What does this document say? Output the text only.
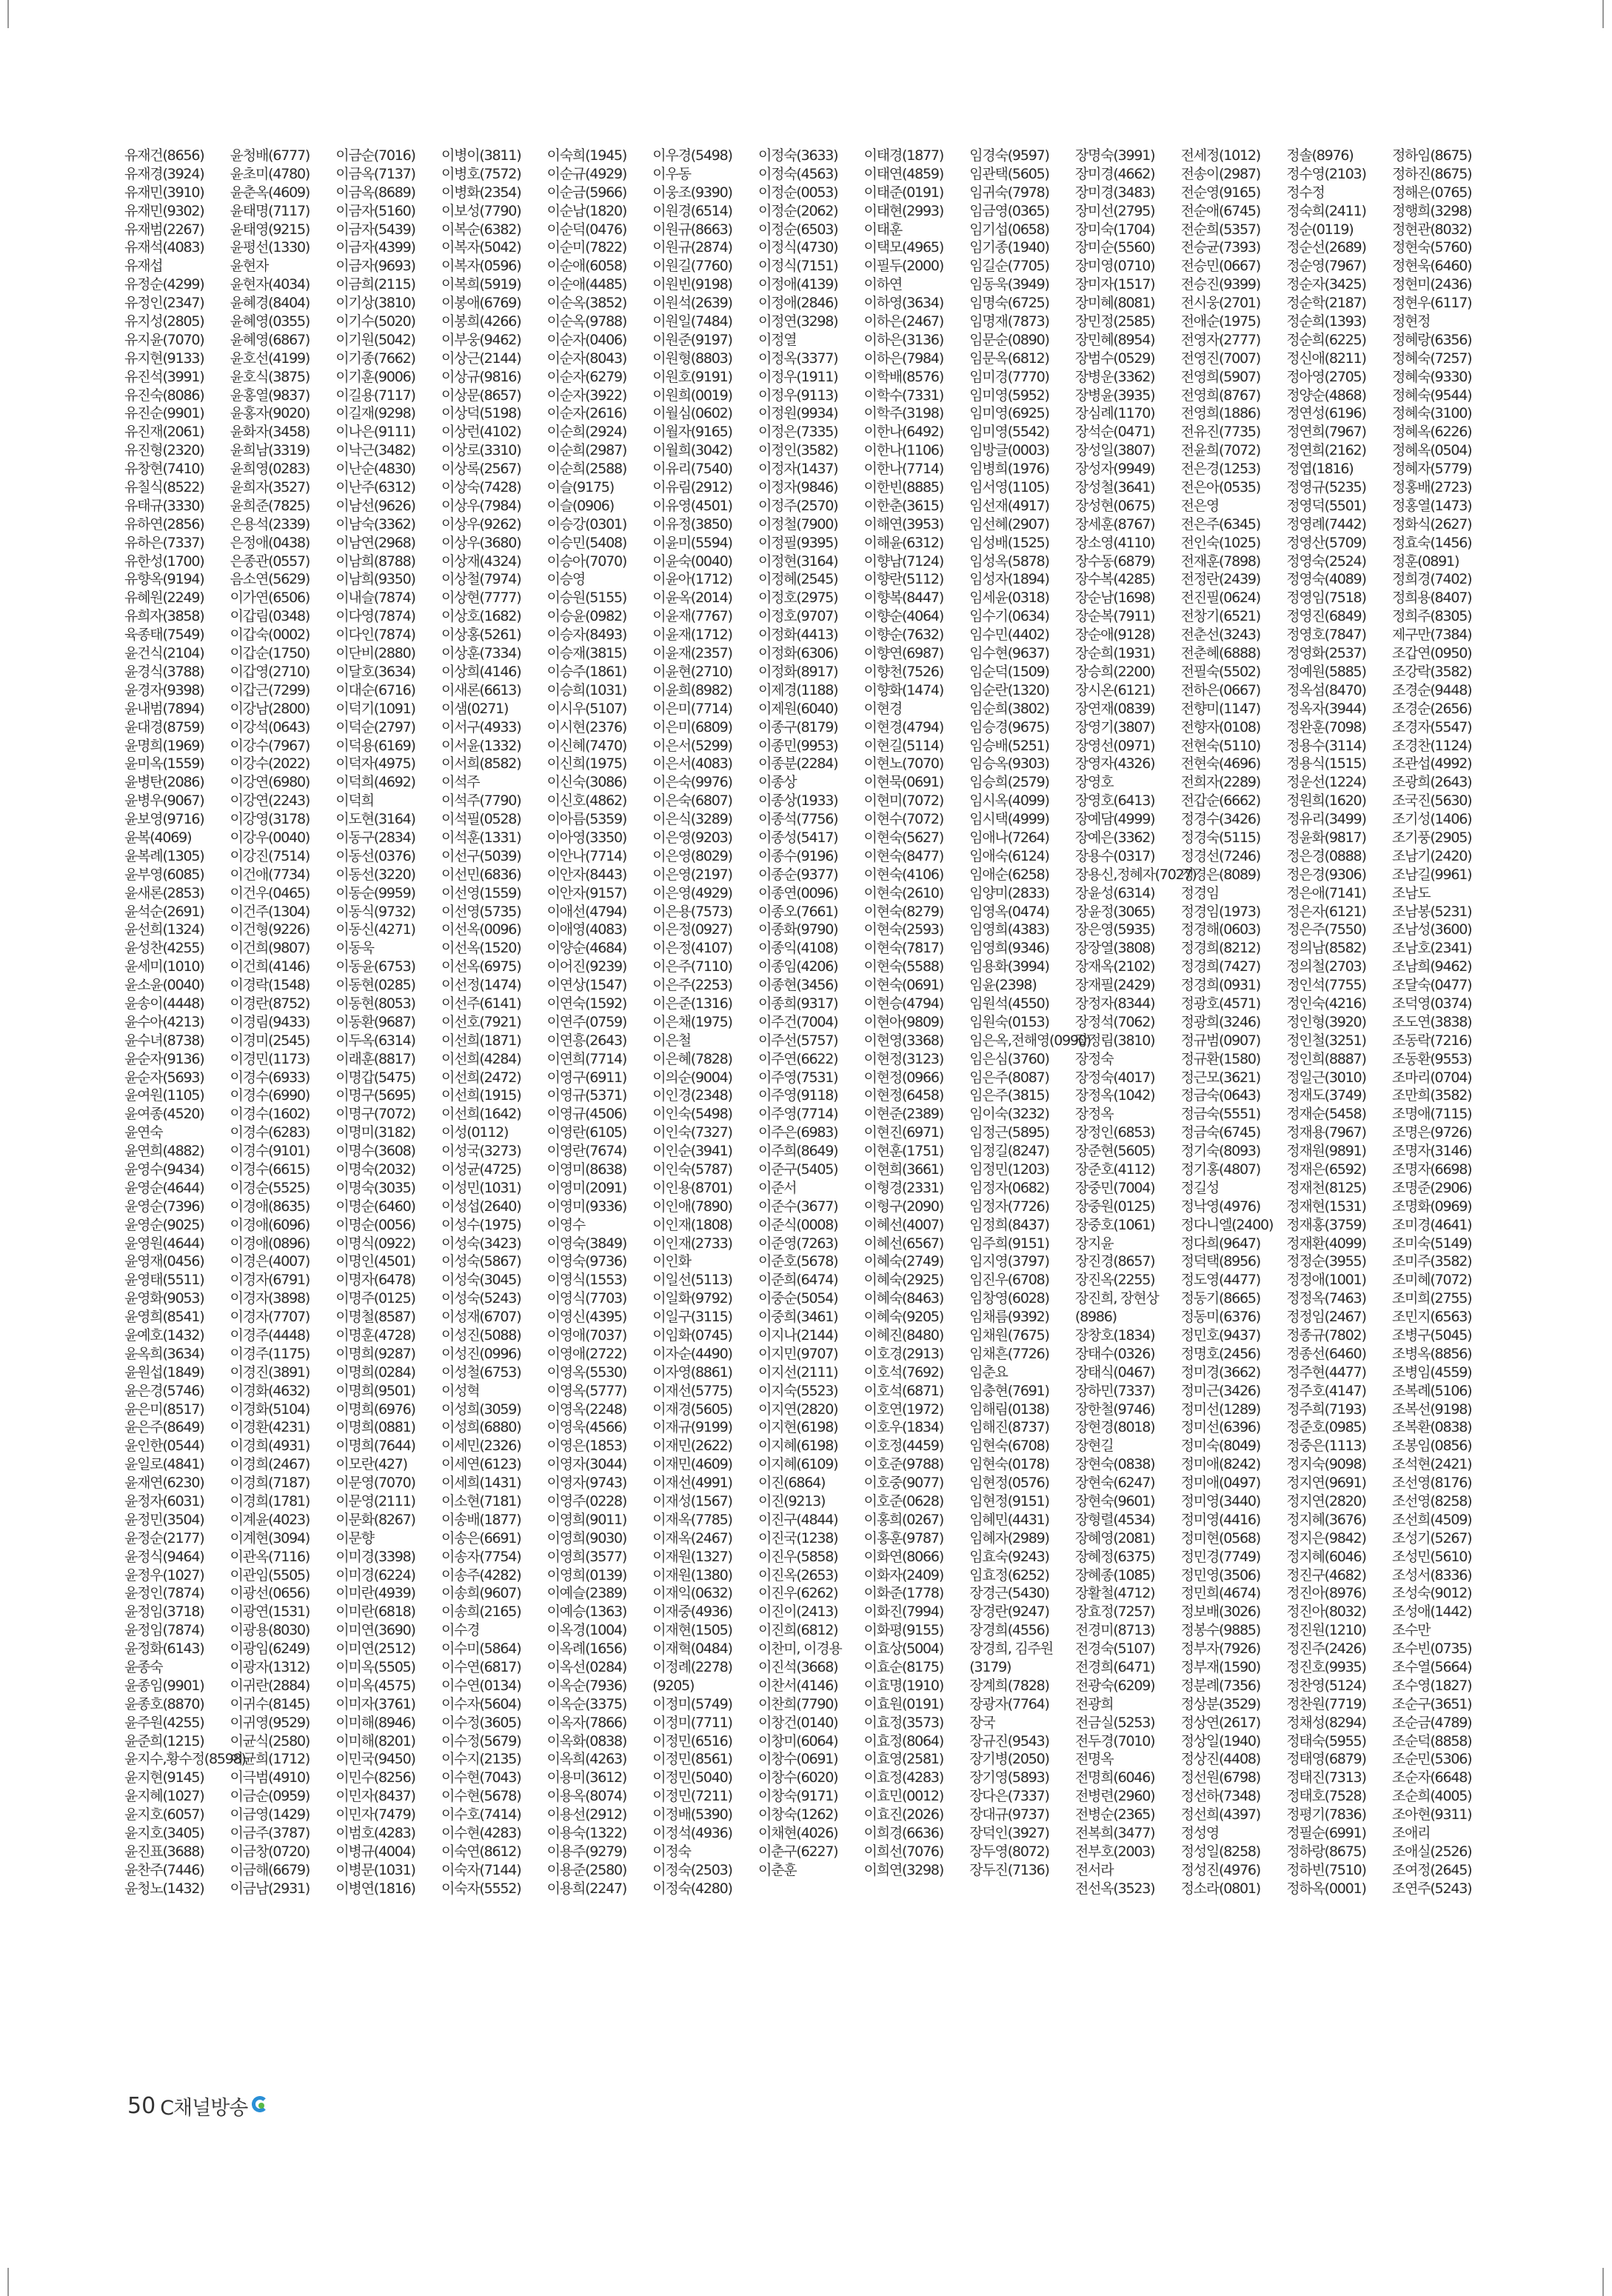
유재건(8656)
유재경(3924)
유재민(3910)
유재민(9302)
유재범(2267)
유재석(4083)
유재섭
유정순(4299)
유정인(2347)
유지성(2805)
유지윤(7070)
유지현(9133)
유진석(3991)
유진숙(8086)
유진순(9901)
유진재(2061)
유진형(2320)
유창현(7410)
유칠식(8522)
유태규(3330)
유하연(2856)
유하은(7337)
유한성(1700)
유향옥(9194)
유혜원(2249)
유희자(3858)
육종태(7549)
윤건식(2104)
윤경식(3788)
윤경자(9398)
윤내범(7894)
윤대경(8759)
윤명희(1969)
윤미옥(1559)
윤병탄(2086)
윤병우(9067)
윤보영(9716)
윤복(4069)
윤복례(1305)
윤부영(6085)
윤새론(2853)
윤석순(2691)
윤선희(1324)
윤성찬(4255)
윤세미(1010)
윤소윤(0040)
윤송이(4448)
윤수아(4213)
윤수녀(8738)
윤순자(9136)
윤순자(5693)
윤여원(1105)
윤여종(4520)
윤연숙
윤연희(4882)
윤영수(9434)
윤영순(4644)
윤영순(7396)
윤영순(9025)
윤영원(4644)
윤영재(0456)
윤영태(5511)
윤영화(9053)
윤영희(8541)
윤예호(1432)
윤옥희(3634)
윤원섭(1849)
윤은경(5746)
윤은미(8517)
윤은주(8649)
윤인한(0544)
윤일로(4841)
윤재연(6230)
윤정자(6031)
윤정민(3504)
윤정순(2177)
윤정식(9464)
윤정우(1027)
윤정인(7874)
윤정임(3718)
윤정임(7874)
윤정화(6143)
윤종숙
윤종임(9901)
윤종호(8870)
윤주원(4255)
윤준희(1215)
윤지수,황수정(8598)
윤지현(9145)
윤지혜(1027)
윤지호(6057)
윤지호(3405)
윤진표(3688)
윤찬주(7446)
윤청노(1432)
윤청배(6777)
윤초미(4780)
윤춘옥(4609)
윤태명(7117)
윤태영(9215)
윤평선(1330)
윤현자
윤현자(4034)
윤혜경(8404)
윤혜영(0355)
윤혜영(6867)
윤호선(4199)
윤호식(3875)
윤홍열(9837)
윤홍자(9020)
윤화자(3458)
윤희남(3319)
윤희영(0283)
윤희자(3527)
윤희준(7825)
은용석(2339)
은정애(0438)
은종관(0557)
음소연(5629)
이가연(6506)
이갑림(0348)
이갑숙(0002)
이갑순(1750)
이갑영(2710)
이갑근(7299)
이강남(2800)
이강석(0643)
이강수(7967)
이강수(2022)
이강연(6980)
이강연(2243)
이강영(3178)
이강우(0040)
이강진(7514)
이건애(7734)
이건우(0465)
이건주(1304)
이건형(9226)
이건희(9807)
이건희(4146)
이경락(1548)
이경란(8752)
이경림(9433)
이경미(2545)
이경민(1173)
이경수(6933)
이경수(6990)
이경수(1602)
이경수(6283)
이경수(9101)
이경수(6615)
이경순(5525)
이경애(8635)
이경애(6096)
이경애(0896)
이경은(4007)
이경자(6791)
이경자(3898)
이경자(7707)
이경주(4448)
이경주(1175)
이경진(3891)
이경화(4632)
이경화(5104)
이경환(4231)
이경희(4931)
이경희(2467)
이경희(7187)
이경희(1781)
이계윤(4023)
이계현(3094)
이관옥(7116)
이관임(5505)
이광선(0656)
이광연(1531)
이광용(8030)
이광임(6249)
이광자(1312)
이귀란(2884)
이귀수(8145)
이귀영(9529)
이균식(2580)
이균희(1712)
이극범(4910)
이금순(0959)
이금영(1429)
이금주(3787)
이금창(0720)
이금해(6679)
이금남(2931)
이금순(7016)
이금옥(7137)
이금옥(8689)
이금자(5160)
이금자(5439)
이금자(4399)
이금자(9693)
이금희(2115)
이기상(3810)
이기수(5020)
이기원(5042)
이기종(7662)
이기훈(9006)
이길용(7117)
이길재(9298)
이나은(9111)
이낙근(3482)
이난순(4830)
이난주(6312)
이남선(9626)
이남숙(3362)
이남연(2968)
이남희(8788)
이남희(9350)
이내슬(7874)
이다영(7874)
이다인(7874)
이단비(2880)
이달호(3634)
이대순(6716)
이덕기(1091)
이덕순(2797)
이덕용(6169)
이덕자(4975)
이덕희(4692)
이덕희
이도현(3164)
이동구(2834)
이동선(0376)
이동선(3220)
이동순(9959)
이동식(9732)
이동신(4271)
이동욱
이동윤(6753)
이동현(0285)
이동현(8053)
이동환(9687)
이두옥(6314)
이래훈(8817)
이명갑(5475)
이명구(5695)
이명구(7072)
이명미(3182)
이명수(3608)
이명숙(2032)
이명숙(3035)
이명순(6460)
이명순(0056)
이명식(0922)
이명인(4501)
이명자(6478)
이명주(0125)
이명철(8587)
이명훈(4728)
이명희(9287)
이명희(0284)
이명희(9501)
이명희(6976)
이명희(0881)
이명희(7644)
이모란(427)
이문영(7070)
이문영(2111)
이문화(8267)
이문향
이미경(3398)
이미경(6224)
이미란(4939)
이미란(6818)
이미연(3690)
이미연(2512)
이미옥(5505)
이미옥(4575)
이미자(3761)
이미해(8946)
이미해(8201)
이민국(9450)
이민수(8256)
이민자(8437)
이민자(7479)
이범호(4283)
이병규(4004)
이병문(1031)
이병연(1816)
이병이(3811)
이병호(7572)
이병화(2354)
이보성(7790)
이복순(6382)
이복자(5042)
이복자(0596)
이복희(5919)
이봉애(6769)
이봉희(4266)
이부웅(9462)
이상근(2144)
이상규(9816)
이상문(8657)
이상덕(5198)
이상런(4102)
이상로(3310)
이상록(2567)
이상숙(7428)
이상우(7984)
이상우(9262)
이상우(3680)
이상재(4324)
이상철(7974)
이상현(7777)
이상호(1682)
이상홍(5261)
이상훈(7334)
이상희(4146)
이새론(6613)
이샘(0271)
이서구(4933)
이서윤(1332)
이서희(8582)
이석주
이석주(7790)
이석필(0528)
이석훈(1331)
이선구(5039)
이선민(6836)
이선영(1559)
이선영(5735)
이선옥(0096)
이선옥(1520)
이선옥(6975)
이선정(1474)
이선주(6141)
이선호(7921)
이선희(1871)
이선희(4284)
이선희(2472)
이선희(1915)
이선희(1642)
이성(0112)
이성국(3273)
이성균(4725)
이성민(1031)
이성섭(2640)
이성수(1975)
이성숙(3423)
이성숙(5867)
이성숙(3045)
이성숙(5243)
이성재(6707)
이성진(5088)
이성진(0996)
이성철(6753)
이성혁
이성희(3059)
이성희(6880)
이세민(2326)
이세연(6123)
이세희(1431)
이소현(7181)
이송배(1877)
이송은(6691)
이송자(7754)
이송주(4282)
이송희(9607)
이송희(2165)
이수경
이수미(5864)
이수연(6817)
이수연(0134)
이수자(5604)
이수정(3605)
이수정(5679)
이수지(2135)
이수현(7043)
이수현(5678)
이수호(7414)
이수현(4283)
이숙연(8612)
이숙자(7144)
이숙자(5552)
이숙희(1945)
이순규(4929)
이순금(5966)
이순남(1820)
이순덕(0476)
이순미(7822)
이순애(6058)
이순애(4485)
이순옥(3852)
이순옥(9788)
이순자(0406)
이순자(8043)
이순자(6279)
이순자(3922)
이순자(2616)
이순희(2924)
이순희(2987)
이순희(2588)
이슬(9175)
이슬(0906)
이승강(0301)
이승민(5408)
이승아(7070)
이승영
이승원(5155)
이승윤(0982)
이승자(8493)
이승재(3815)
이승주(1861)
이승희(1031)
이시우(5107)
이시현(2376)
이신혜(7470)
이신희(1975)
이신숙(3086)
이신호(4862)
이아름(5359)
이아영(3350)
이안나(7714)
이안자(8443)
이안자(9157)
이애선(4794)
이애영(4083)
이양순(4684)
이어진(9239)
이연상(1547)
이연숙(1592)
이연주(0759)
이연흥(2643)
이연희(7714)
이영구(6911)
이영규(5371)
이영규(4506)
이영란(6105)
이영란(7674)
이영미(8638)
이영미(2091)
이영미(9336)
이영수
이영숙(3849)
이영숙(9736)
이영식(1553)
이영식(7703)
이영신(4395)
이영애(7037)
이영애(2722)
이영옥(5530)
이영옥(5777)
이영옥(2248)
이영욱(4566)
이영은(1853)
이영자(3044)
이영자(9743)
이영주(0228)
이영희(9011)
이영희(9030)
이영희(3577)
이영희(0139)
이예슬(2389)
이예승(1363)
이옥경(1004)
이옥례(1656)
이옥선(0284)
이옥순(7936)
이옥순(3375)
이옥자(7866)
이옥화(0838)
이옥희(4263)
이용미(3612)
이용옥(8074)
이용선(2912)
이용숙(1322)
이용주(9279)
이용준(2580)
이용희(2247)
이우경(5498)
이우동
이웅조(9390)
이원경(6514)
이원규(8663)
이원규(2874)
이원길(7760)
이원빈(9198)
이원석(2639)
이원일(7484)
이원준(9197)
이원형(8803)
이원호(9191)
이원희(0019)
이월심(0602)
이월자(9165)
이월희(3042)
이유리(7540)
이유림(2912)
이유영(4501)
이유정(3850)
이윤미(5594)
이윤숙(0040)
이윤아(1712)
이윤옥(2014)
이윤재(7767)
이윤재(1712)
이윤재(2357)
이윤현(2710)
이윤희(8982)
이은미(7714)
이은미(6809)
이은서(5299)
이은서(4083)
이은숙(9976)
이은숙(6807)
이은식(3289)
이은영(9203)
이은영(8029)
이은영(2197)
이은영(4929)
이은용(7573)
이은정(0927)
이은정(4107)
이은주(7110)
이은주(2253)
이은준(1316)
이은채(1975)
이은철
이은혜(7828)
이의순(9004)
이인경(2348)
이인숙(5498)
이인숙(7327)
이인순(3941)
이인숙(5787)
이인용(8701)
이인애(7890)
이인재(1808)
이인재(2733)
이인화
이일선(5113)
이일화(9792)
이일구(3115)
이임화(0745)
이자순(4490)
이자영(8861)
이재선(5775)
이재경(5605)
이재규(9199)
이재민(2622)
이재민(4609)
이재선(4991)
이재성(1567)
이재옥(7785)
이재옥(2467)
이재원(1327)
이재원(1380)
이재익(0632)
이재중(4936)
이재현(1505)
이재혁(0484)
이정례(2278)
(9205)
이정미(5749)
이정미(7711)
이정민(6516)
이정민(8561)
이정민(5040)
이정민(7211)
이정배(5390)
이정석(4936)
이정숙
이정숙(2503)
이정숙(4280)
이정숙(3633)
이정숙(4563)
이정순(0053)
이정순(2062)
이정순(6503)
이정식(4730)
이정식(7151)
이정애(4139)
이정애(2846)
이정연(3298)
이정열
이정옥(3377)
이정우(1911)
이정우(9113)
이정원(9934)
이정은(7335)
이정인(3582)
이정자(1437)
이정자(9846)
이정주(2570)
이정철(7900)
이정필(9395)
이정현(3164)
이정혜(2545)
이정호(2975)
이정호(9707)
이정화(4413)
이정화(6306)
이정화(8917)
이제경(1188)
이제원(6040)
이종구(8179)
이종민(9953)
이종분(2284)
이종상
이종상(1933)
이종석(7756)
이종성(5417)
이종수(9196)
이종순(9377)
이종연(0096)
이종오(7661)
이종화(9790)
이종익(4108)
이종임(4206)
이종현(3456)
이종희(9317)
이주건(7004)
이주선(5757)
이주연(6622)
이주영(7531)
이주영(9118)
이주영(7714)
이주은(6983)
이주희(8649)
이준구(5405)
이준서
이준수(3677)
이준식(0008)
이준영(7263)
이준호(5678)
이준희(6474)
이중순(5054)
이중희(3461)
이지나(2144)
이지민(9707)
이지선(2111)
이지숙(5523)
이지연(2820)
이지현(6198)
이지혜(6198)
이지혜(6109)
이진(6864)
이진(9213)
이진구(4844)
이진국(1238)
이진우(5858)
이진옥(2653)
이진우(6262)
이진이(2413)
이진희(6812)
이찬미, 이경용
이진석(3668)
이찬서(4146)
이찬희(7790)
이창건(0140)
이창미(6064)
이창수(0691)
이창수(6020)
이창숙(9171)
이창숙(1262)
이채현(4026)
이춘구(6227)
이춘훈
이태경(1877)
이태연(4859)
이태준(0191)
이태현(2993)
이태훈
이택모(4965)
이필두(2000)
이하연
이하영(3634)
이하은(2467)
이하은(3136)
이하은(7984)
이학배(8576)
이학수(7331)
이학주(3198)
이한나(6492)
이한나(1106)
이한나(7714)
이한빈(8885)
이한춘(3615)
이해연(3953)
이해윤(6312)
이향남(7124)
이향란(5112)
이향복(8447)
이향순(4064)
이향순(7632)
이향연(6987)
이향천(7526)
이향화(1474)
이현경
이현경(4794)
이현길(5114)
이현노(7070)
이현묵(0691)
이현미(7072)
이현수(7072)
이현숙(5627)
이현숙(8477)
이현숙(4106)
이현숙(2610)
이현숙(8279)
이현숙(2593)
이현숙(7817)
이현숙(5588)
이현숙(0691)
이현승(4794)
이현아(9809)
이현영(3368)
이현정(3123)
이현정(0966)
이현정(6458)
이현준(2389)
이현진(6971)
이현훈(1751)
이현희(3661)
이형경(2331)
이형구(2090)
이혜선(4007)
이혜선(6567)
이혜숙(2749)
이혜숙(2925)
이혜숙(8463)
이혜숙(9205)
이혜진(8480)
이호경(2913)
이호석(7692)
이호석(6871)
이호연(1972)
이호우(1834)
이호정(4459)
이호준(9788)
이호중(9077)
이호준(0628)
이홍희(0267)
이홍훈(9787)
이화연(8066)
이화자(2409)
이화준(1778)
이화진(7994)
이화평(9155)
이효상(5004)
이효순(8175)
이효명(1910)
이효원(0191)
이효정(3573)
이효정(8064)
이효영(2581)
이효정(4283)
이효민(0012)
이효진(2026)
이희경(6636)
이희선(7076)
이희연(3298)
임경숙(9597)
임관택(5605)
임귀숙(7978)
임금영(0365)
임기섭(0658)
임기종(1940)
임길순(7705)
임동욱(3949)
임명숙(6725)
임명재(7873)
임문순(0890)
임문옥(6812)
임미경(7770)
임미영(5952)
임미영(6925)
임미영(5542)
임방글(0003)
임병희(1976)
임서영(1105)
임선재(4917)
임선혜(2907)
임성배(1525)
임성옥(5878)
임성자(1894)
임세윤(0318)
임수기(0634)
임수민(4402)
임수현(9637)
임순덕(1509)
임순란(1320)
임순희(3802)
임승경(9675)
임승배(5251)
임승옥(9303)
임승희(2579)
임시옥(4099)
임시택(4999)
임애나(7264)
임애숙(6124)
임애순(6258)
임양미(2833)
임영옥(0474)
임영희(4383)
임영희(9346)
임용화(3994)
임윤(2398)
임원석(4550)
임원숙(0153)
임은옥,전해영(0990)
임은심(3760)
임은주(8087)
임은주(3815)
임이숙(3232)
임정근(5895)
임정길(8247)
임정민(1203)
임정자(0682)
임정자(7726)
임정희(8437)
임주희(9151)
임지영(3797)
임진우(6708)
임창영(6028)
임채름(9392)
임채원(7675)
임채흔(7726)
임춘요
임충현(7691)
임해림(0138)
임해진(8737)
임현숙(6708)
임현숙(0178)
임현정(0576)
임현정(9151)
임혜민(4431)
임혜자(2989)
임효숙(9243)
임효정(6252)
장경근(5430)
장경란(9247)
장경희(4556)
장경희, 김주원
(3179)
장계희(7828)
장광자(7764)
장국
장규진(9543)
장기병(2050)
장기영(5893)
장다은(7337)
장대규(9737)
장덕인(3927)
장두영(8072)
장두진(7136)
장명숙(3991)
장미경(4662)
장미경(3483)
장미선(2795)
장미숙(1704)
장미순(5560)
장미영(0710)
장미자(1517)
장미혜(8081)
장민정(2585)
장민혜(8954)
장범수(0529)
장병운(3362)
장병윤(3935)
장심례(1170)
장석순(0471)
장성일(3807)
장성자(9949)
장성철(3641)
장성현(0675)
장세훈(8767)
장소영(4110)
장수동(6879)
장수복(4285)
장순남(1698)
장순복(7911)
장순애(9128)
장순희(1931)
장승희(2200)
장시온(6121)
장연재(0839)
장영기(3807)
장영선(0971)
장영자(4326)
장영호
장영호(6413)
장예담(4999)
장예은(3362)
장용수(0317)
장용신,정혜자(7027)
장윤성(6314)
장윤정(3065)
장은영(5935)
장장열(3808)
장재옥(2102)
장재필(2429)
장정자(8344)
장정석(7062)
장정림(3810)
장정숙
장정숙(4017)
장정옥(1042)
장정옥
장정인(6853)
장준현(5605)
장준호(4112)
장중민(7004)
장중원(0125)
장중호(1061)
장지윤
장진경(8657)
장진옥(2255)
장진희, 장현상
(8986)
장창호(1834)
장태수(0326)
장태식(0467)
장하민(7337)
장한철(9746)
장현경(8018)
장현길
장현숙(0838)
장현숙(6247)
장현숙(9601)
장형렬(4534)
장혜영(2081)
장혜정(6375)
장혜종(1085)
장활철(4712)
장효정(7257)
전경미(8713)
전경숙(5107)
전경희(6471)
전광숙(6209)
전광희
전금실(5253)
전두경(7010)
전명옥
전명희(6046)
전병련(2960)
전병순(2365)
전복희(3477)
전부호(2003)
전서라
전선옥(3523)
전세정(1012)
전송이(2987)
전순영(9165)
전순애(6745)
전순희(5357)
전승균(7393)
전승민(0667)
전승진(9399)
전시웅(2701)
전애순(1975)
전영자(2777)
전영진(7007)
전영희(5907)
전영희(8767)
전영희(1886)
전유진(7735)
전윤희(7072)
전은경(1253)
전은아(0535)
전은영
전은주(6345)
전인숙(1025)
전재훈(7898)
전정란(2439)
전진필(0624)
전창기(6521)
전춘선(3243)
전춘혜(6888)
전필숙(5502)
전하은(0667)
전향미(1147)
전향자(0108)
전현숙(5110)
전현숙(4696)
전희자(2289)
전갑순(6662)
정경수(3426)
정경숙(5115)
정경선(7246)
정경은(8089)
정경임
정경임(1973)
정경해(0603)
정경희(8212)
정경희(7427)
정경희(0931)
정광호(4571)
정광희(3246)
정규범(0907)
정규환(1580)
정근모(3621)
정금숙(0643)
정금숙(5551)
정금숙(6745)
정기숙(8093)
정기홍(4807)
정길성
정낙영(4976)
정다니엘(2400)
정다희(9647)
정덕택(8956)
정도영(4477)
정동기(8665)
정동미(6376)
정민호(9437)
정명호(2456)
정미경(3662)
정미근(3426)
정미선(1289)
정미선(6396)
정미숙(8049)
정미애(8242)
정미애(0497)
정미영(3440)
정미영(4416)
정미현(0568)
정민경(7749)
정민영(3506)
정민희(4674)
정보배(3026)
정봉수(9885)
정부자(7926)
정부재(1590)
정분례(7356)
정상분(3529)
정상연(2617)
정상일(1940)
정상진(4408)
정선원(6798)
정선하(7348)
정선희(4397)
정성영
정성일(8258)
정성진(4976)
정소라(0801)
정솔(8976)
정수영(2103)
정수정
정숙희(2411)
정순(0119)
정순선(2689)
정순영(7967)
정순자(3425)
정순학(2187)
정순희(1393)
정순희(6225)
정신애(8211)
정아영(2705)
정양순(4868)
정연성(6196)
정연희(7967)
정연희(2162)
정엽(1816)
정영규(5235)
정영덕(5501)
정영례(7442)
정영산(5709)
정영숙(2524)
정영숙(4089)
정영임(7518)
정영진(6849)
정영호(7847)
정영화(2537)
정예원(5885)
정옥섬(8470)
정옥자(3944)
정완훈(7098)
정용수(3114)
정용식(1515)
정운선(1224)
정원희(1620)
정유리(3499)
정윤화(9817)
정은경(0888)
정은경(9306)
정은애(7141)
정은자(6121)
정은주(7550)
정의남(8582)
정의철(2703)
정인석(7755)
정인숙(4216)
정인형(3920)
정인철(3251)
정인희(8887)
정일근(3010)
정재도(3749)
정재순(5458)
정재용(7967)
정재원(9891)
정재은(6592)
정재천(8125)
정재현(1531)
정재홍(3759)
정재환(4099)
정정순(3955)
정정애(1001)
정정옥(7463)
정정임(2467)
정종규(7802)
정종선(6460)
정주현(4477)
정주호(4147)
정주희(7193)
정준호(0985)
정중은(1113)
정지숙(9098)
정지연(9691)
정지연(2820)
정지혜(3676)
정지은(9842)
정지혜(6046)
정진구(4682)
정진아(8976)
정진아(8032)
정진원(1210)
정진주(2426)
정진호(9935)
정찬영(5124)
정찬원(7719)
정채성(8294)
정태숙(5955)
정태영(6879)
정태진(7313)
정태호(7528)
정평기(7836)
정필순(6991)
정하랑(8675)
정하빈(7510)
정하옥(0001)
정하임(8675)
정하진(8675)
정해은(0765)
정행희(3298)
정현관(8032)
정현숙(5760)
정현욱(6460)
정현미(2436)
정현우(6117)
정현정
정혜랑(6356)
정혜숙(7257)
정혜숙(9330)
정혜숙(9544)
정혜숙(3100)
정혜옥(6226)
정혜옥(0504)
정혜자(5779)
정홍배(2723)
정홍열(1473)
정화식(2627)
정효숙(1456)
정훈(0891)
정희경(7402)
정희용(8407)
정희주(8305)
제구만(7384)
조갑연(0950)
조강락(3582)
조경순(9448)
조경순(2656)
조경자(5547)
조경찬(1124)
조관섭(4992)
조광희(2643)
조국진(5630)
조기성(1406)
조기풍(2905)
조남기(2420)
조남길(9961)
조남도
조남봉(5231)
조남성(3600)
조남호(2341)
조남희(9462)
조달숙(0477)
조덕영(0374)
조도연(3838)
조동락(7216)
조동환(9553)
조마리(0704)
조만희(3582)
조명애(7115)
조명은(9726)
조명자(3146)
조명자(6698)
조명준(2906)
조명화(0969)
조미경(4641)
조미숙(5149)
조미주(3582)
조미혜(7072)
조미희(2755)
조민지(6563)
조병구(5045)
조병옥(8856)
조병임(4559)
조복례(5106)
조복선(9198)
조복환(0838)
조봉임(0856)
조석현(2421)
조선영(8176)
조선영(8258)
조선희(4509)
조성기(5267)
조성민(5610)
조성서(8336)
조성숙(9012)
조성애(1442)
조수만
조수빈(0735)
조수열(5664)
조수영(1827)
조순구(3651)
조순금(4789)
조순덕(8858)
조순민(5306)
조순자(6648)
조순희(4005)
조아현(9311)
조애리
조애실(2526)
조여정(2645)
조연주(5243)
50 C채널방송
